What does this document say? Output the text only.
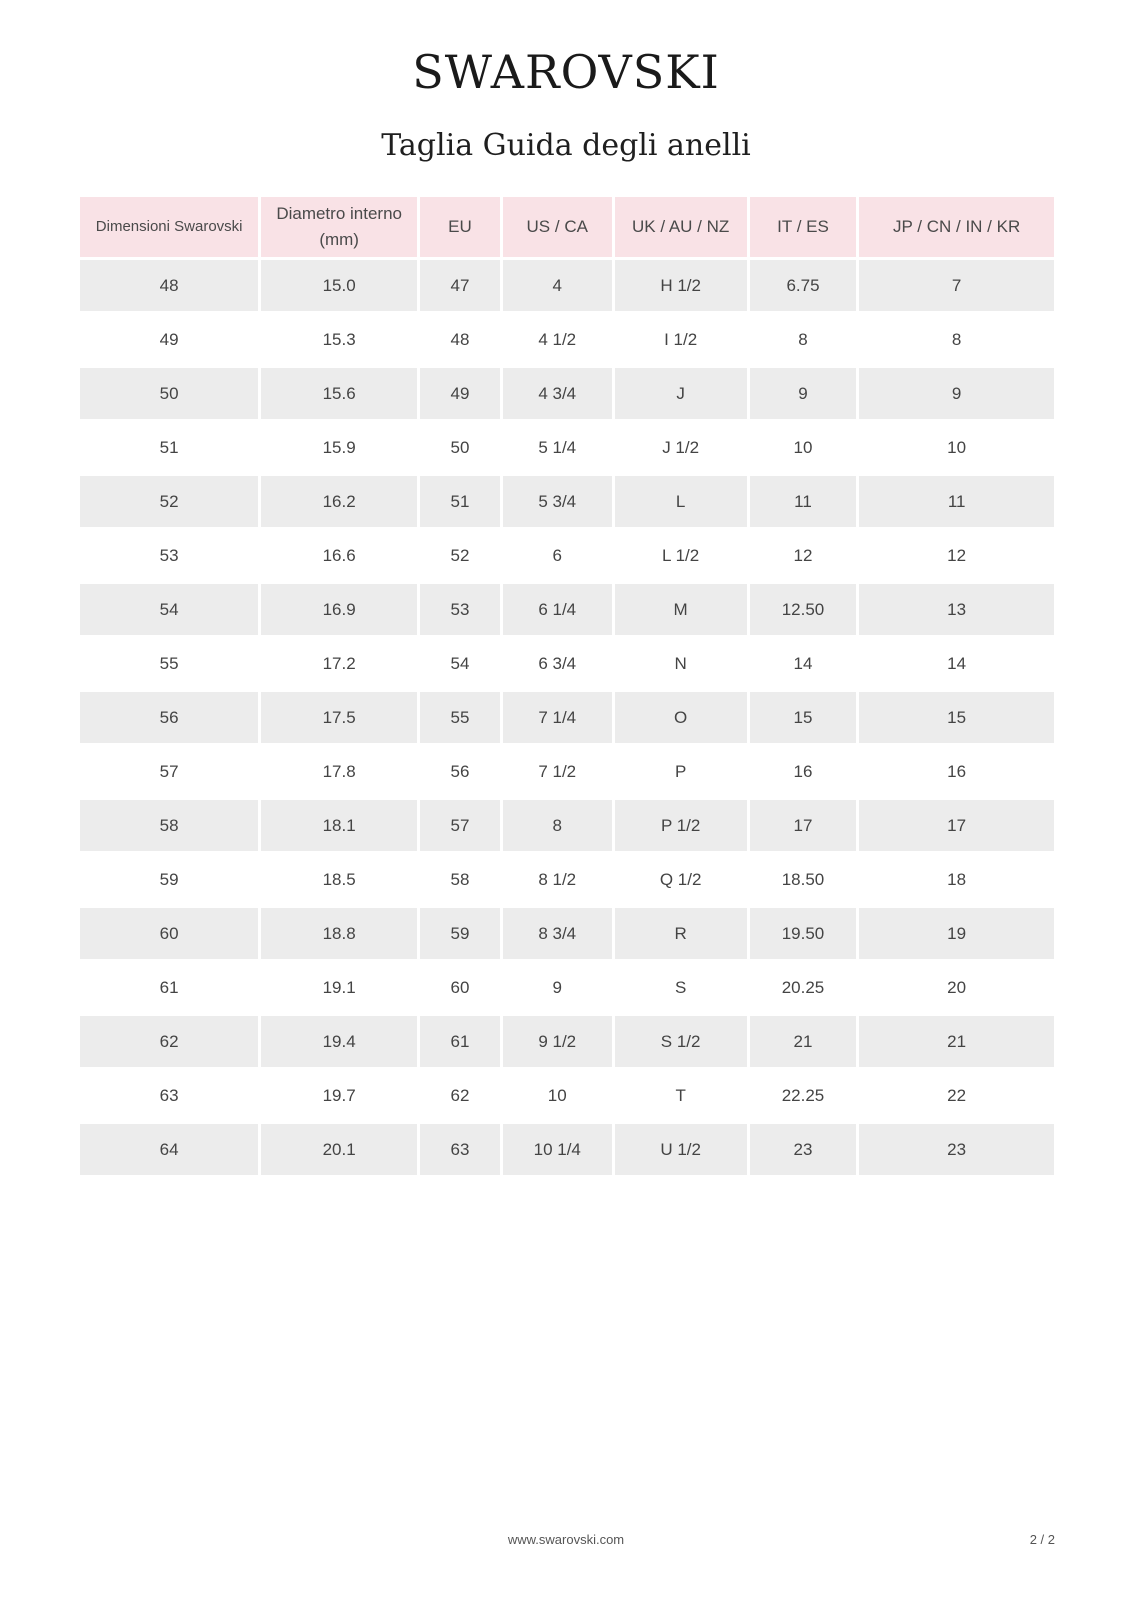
SWAROVSKI
Taglia Guida degli anelli
Dimensioni Swarovski	Diametro interno (mm)	EU	US / CA	UK / AU / NZ	IT / ES	JP / CN / IN / KR
48	15.0	47	4	H 1/2	6.75	7
49	15.3	48	4 1/2	I 1/2	8	8
50	15.6	49	4 3/4	J	9	9
51	15.9	50	5 1/4	J 1/2	10	10
52	16.2	51	5 3/4	L	11	11
53	16.6	52	6	L 1/2	12	12
54	16.9	53	6 1/4	M	12.50	13
55	17.2	54	6 3/4	N	14	14
56	17.5	55	7 1/4	O	15	15
57	17.8	56	7 1/2	P	16	16
58	18.1	57	8	P 1/2	17	17
59	18.5	58	8 1/2	Q 1/2	18.50	18
60	18.8	59	8 3/4	R	19.50	19
61	19.1	60	9	S	20.25	20
62	19.4	61	9 1/2	S 1/2	21	21
63	19.7	62	10	T	22.25	22
64	20.1	63	10 1/4	U 1/2	23	23
www.swarovski.com	2 / 2
